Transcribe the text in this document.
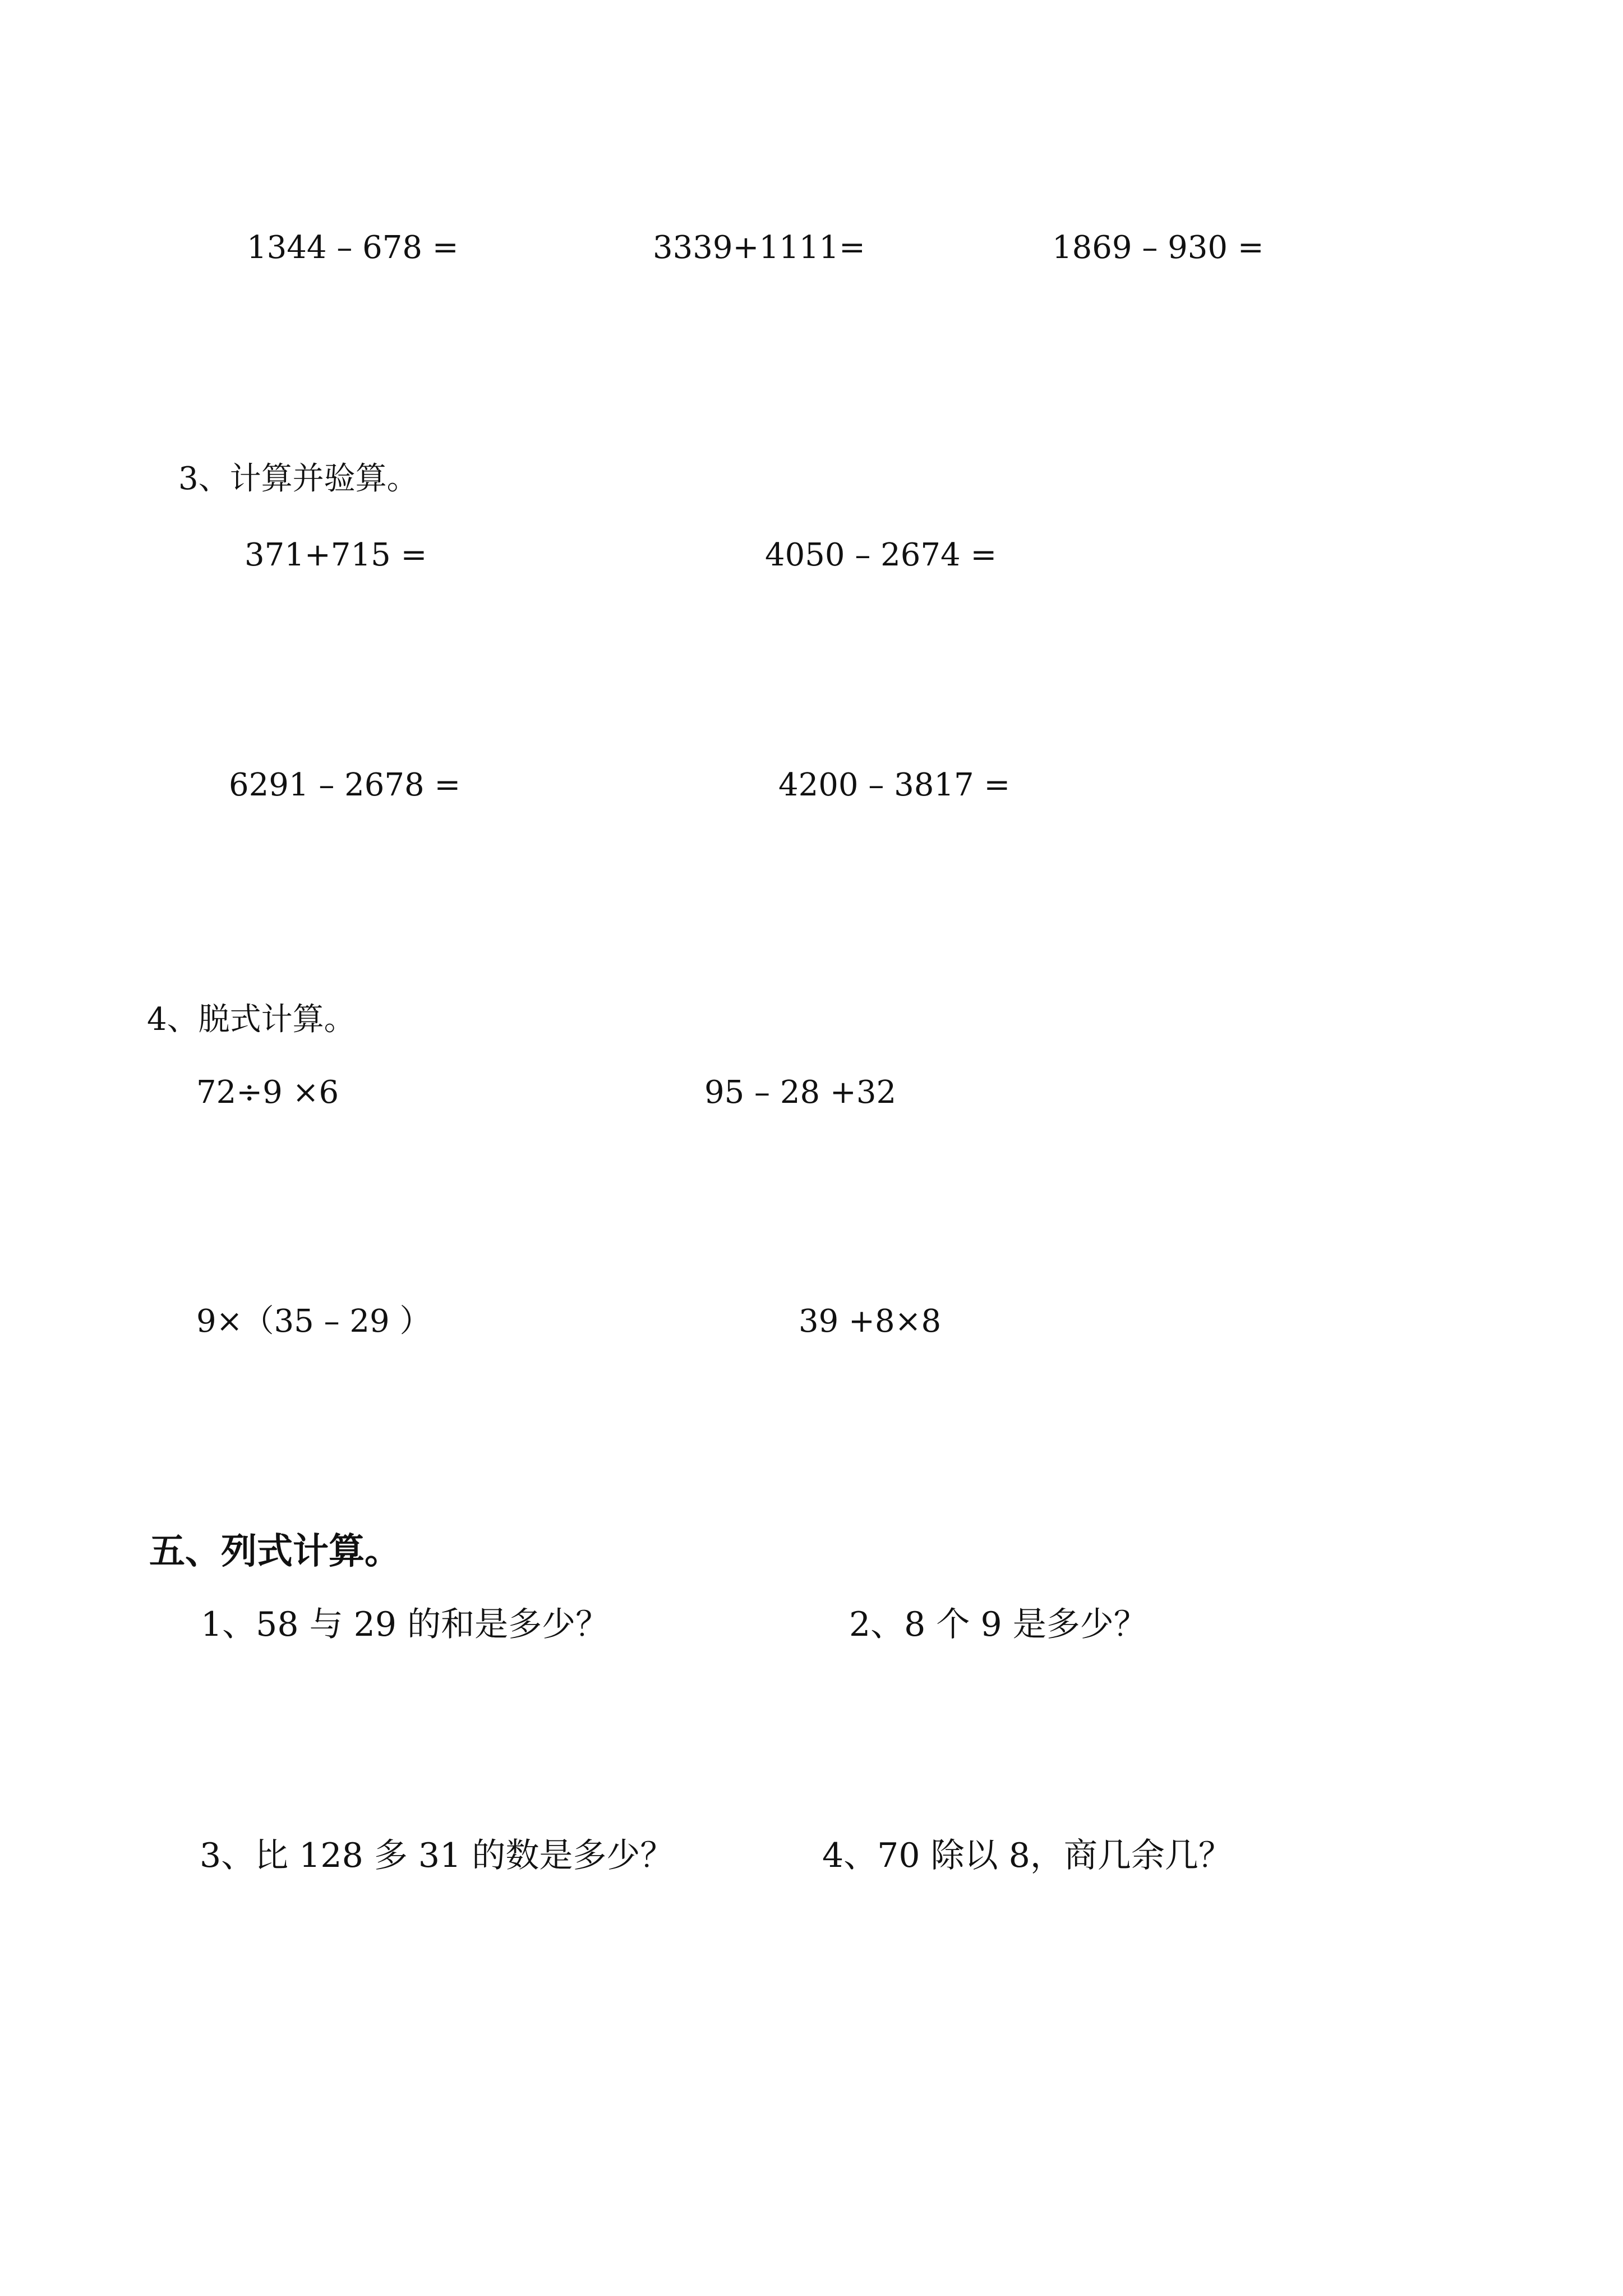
1344 – 678 =	3339+1111=	1869 – 930 =
3、计算并验算。
371+715 =	4050 – 2674 =
6291 – 2678 =	4200 – 3817 =
4、脱式计算。
72÷9 ×6	95 – 28 +32
9×（35 – 29 ）	39 +8×8
五、列式计算。
1、58 与 29 的和是多少？	2、8 个 9 是多少？
3、比 128 多 31 的数是多少？	4、70 除以 8，商几余几？
